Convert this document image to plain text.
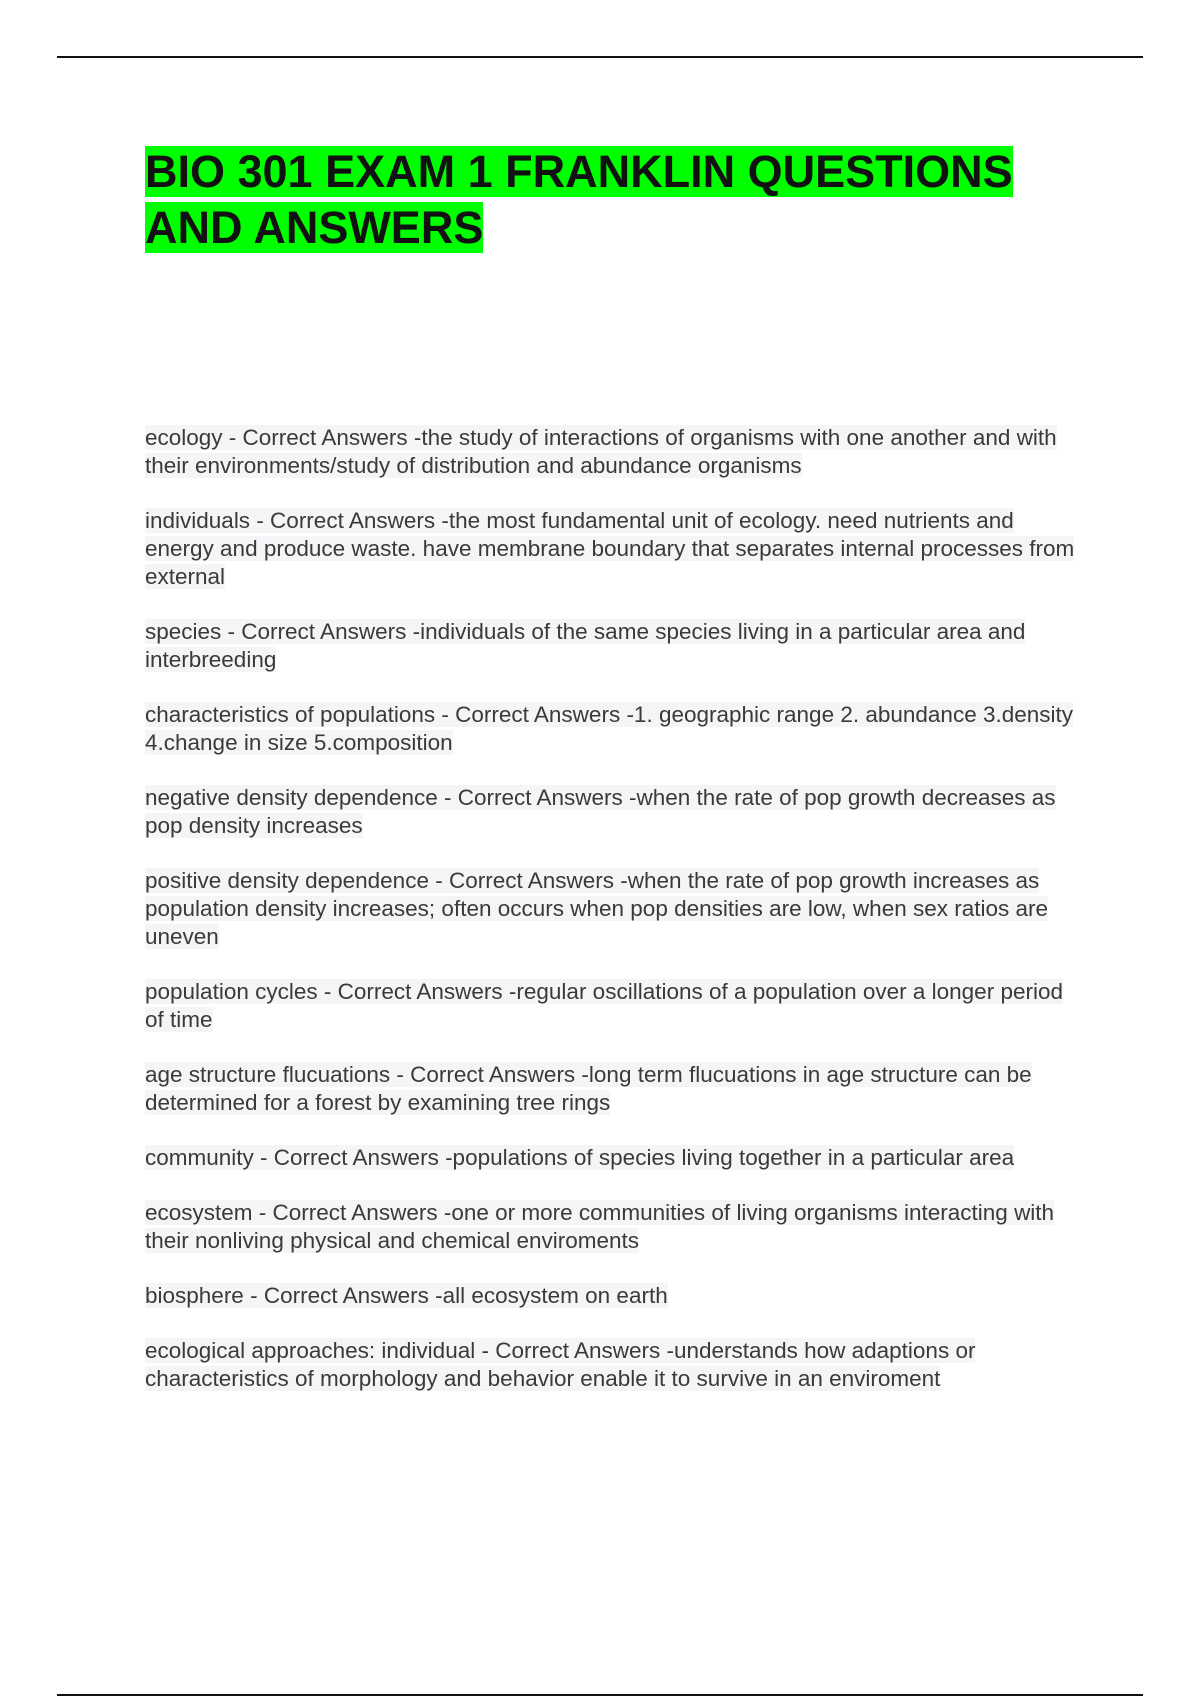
BIO 301 EXAM 1 FRANKLIN QUESTIONS AND ANSWERS
ecology - Correct Answers -the study of interactions of organisms with one another and with their environments/study of distribution and abundance organisms
individuals - Correct Answers -the most fundamental unit of ecology. need nutrients and energy and produce waste. have membrane boundary that separates internal processes from external
species - Correct Answers -individuals of the same species living in a particular area and interbreeding
characteristics of populations - Correct Answers -1. geographic range 2. abundance 3.density 4.change in size 5.composition
negative density dependence - Correct Answers -when the rate of pop growth decreases as pop density increases
positive density dependence - Correct Answers -when the rate of pop growth increases as population density increases; often occurs when pop densities are low, when sex ratios are uneven
population cycles - Correct Answers -regular oscillations of a population over a longer period of time
age structure flucuations - Correct Answers -long term flucuations in age structure can be determined for a forest by examining tree rings
community - Correct Answers -populations of species living together in a particular area
ecosystem - Correct Answers -one or more communities of living organisms interacting with their nonliving physical and chemical enviroments
biosphere - Correct Answers -all ecosystem on earth
ecological approaches: individual - Correct Answers -understands how adaptions or characteristics of morphology and behavior enable it to survive in an enviroment
